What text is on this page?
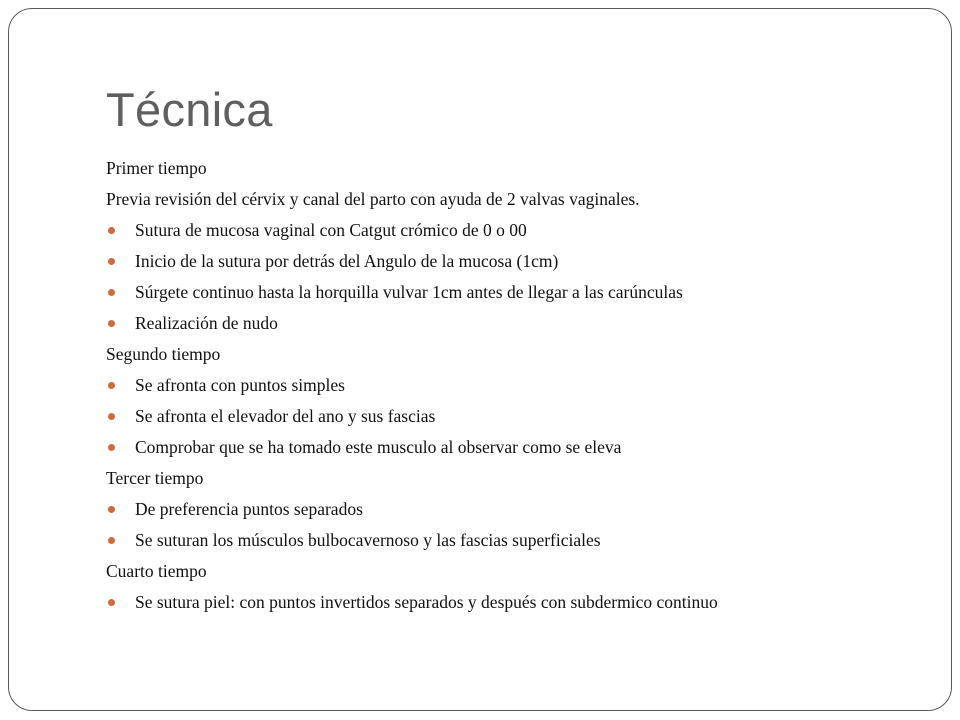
Técnica
Primer tiempo
Previa revisión del cérvix y canal del parto con ayuda de 2 valvas vaginales.
Sutura de mucosa vaginal con Catgut crómico de 0 o 00
Inicio de la sutura por detrás del Angulo de la mucosa (1cm)
Súrgete continuo hasta la horquilla vulvar 1cm antes de llegar a las carúnculas
Realización de nudo
Segundo tiempo
Se afronta con puntos simples
Se afronta el elevador del ano y sus fascias
Comprobar que se ha tomado este musculo al observar como se eleva
Tercer tiempo
De preferencia puntos separados
Se suturan los músculos bulbocavernoso y las fascias superficiales
Cuarto tiempo
Se sutura piel: con puntos invertidos separados y después con subdermico continuo
